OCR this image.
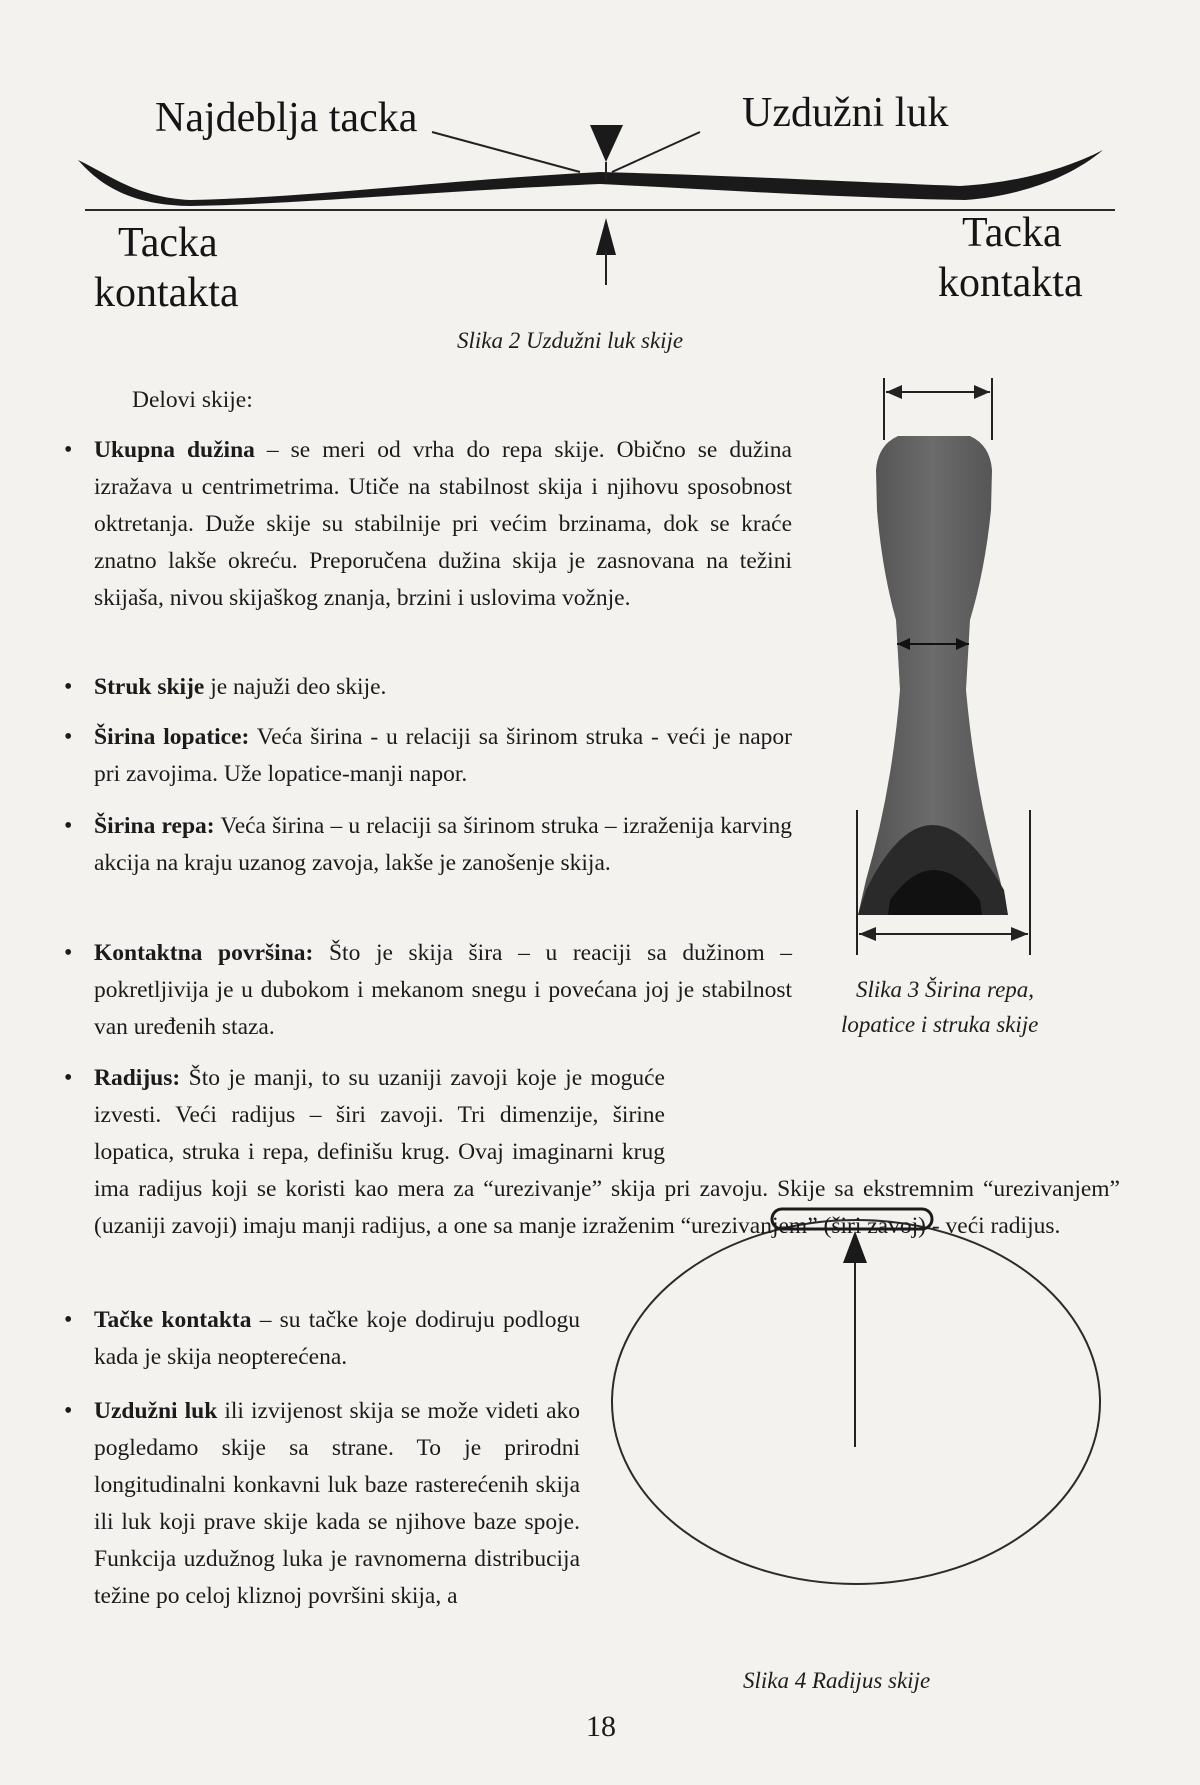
Najdeblja tacka	Uzdužni luk
Tacka
kontakta
Tacka
kontakta
Slika 2 Uzdužni luk skije
Slika 3 Širina repa,
lopatice i struka skije
Slika 4 Radijus skije
Delovi skije:
• Ukupna dužina – se meri od vrha do repa skije. Obično se dužina izražava u centrimetrima. Utiče na stabilnost skija i njihovu sposobnost oktretanja. Duže skije su stabilnije pri većim brzinama, dok se kraće znatno lakše okreću. Preporučena dužina skija je zasnovana na težini skijaša, nivou skijaškog znanja, brzini i uslovima vožnje.
• Struk skije je najuži deo skije.
• Širina lopatice: Veća širina - u relaciji sa širinom struka - veći je napor pri zavojima. Uže lopatice-manji napor.
• Širina repa: Veća širina – u relaciji sa širinom struka – izraženija karving akcija na kraju uzanog zavoja, lakše je zanošenje skija.
• Kontaktna površina: Što je skija šira – u reaciji sa dužinom – pokretljivija je u dubokom i mekanom snegu i povećana joj je stabilnost van uređenih staza.
• Radijus: Što je manji, to su uzaniji zavoji koje je moguće izvesti. Veći radijus – širi zavoji. Tri dimenzije, širine lopatica, struka i repa, definišu krug. Ovaj imaginarni krug ima radijus koji se koristi kao mera za “urezivanje” skija pri zavoju. Skije sa ekstremnim “urezivanjem” (uzaniji zavoji) imaju manji radijus, a one sa manje izraženim “urezivanjem” (širi zavoj) - veći radijus.
• Tačke kontakta – su tačke koje dodiruju podlogu kada je skija neopterećena.
• Uzdužni luk ili izvijenost skija se može videti ako pogledamo skije sa strane. To je prirodni longitudinalni konkavni luk baze rasterećenih skija ili luk koji prave skije kada se njihove baze spoje. Funkcija uzdužnog luka je ravnomerna distribucija težine po celoj kliznoj površini skija, a
18
